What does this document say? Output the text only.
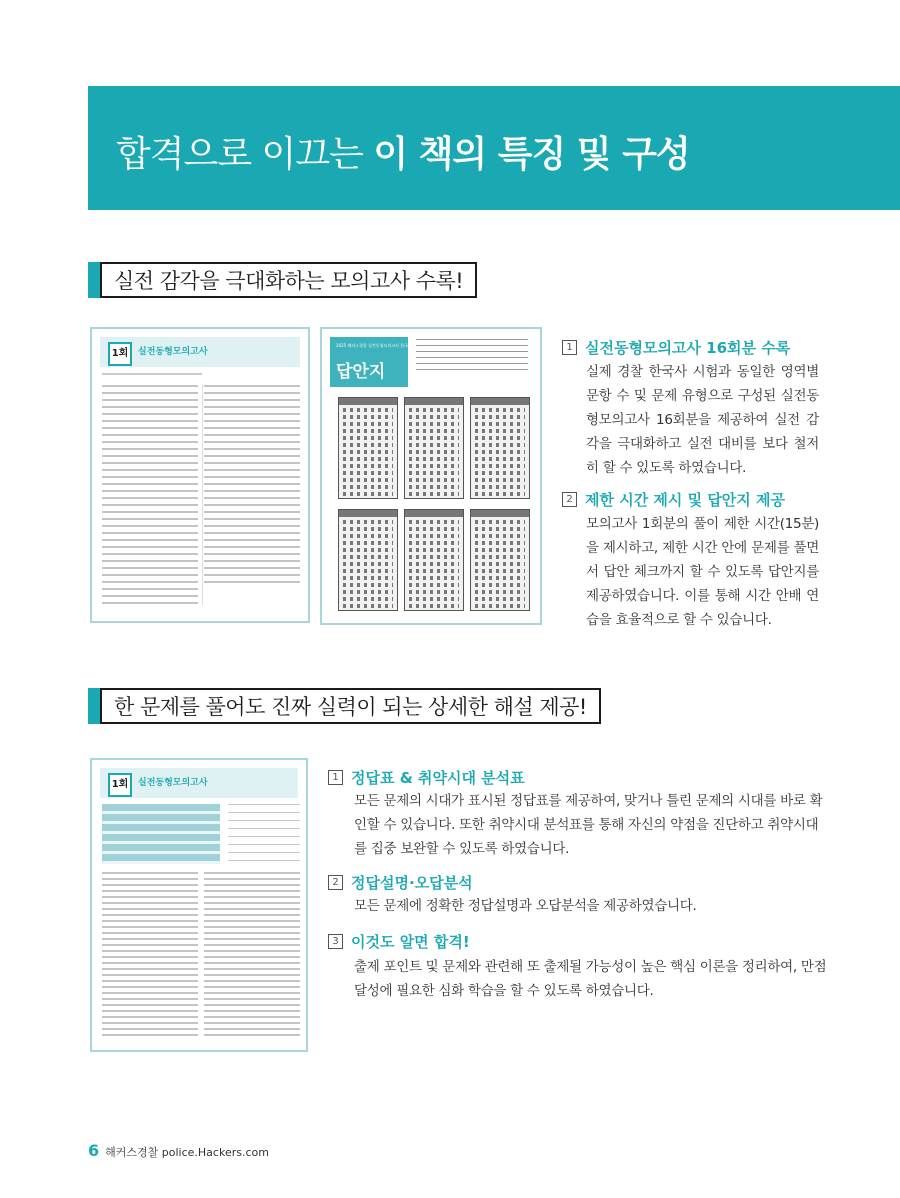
합격으로 이끄는 이 책의 특징 및 구성
실전 감각을 극대화하는 모의고사 수록!
1회	실전동형모의고사
2025 해커스경찰 실전동형모의고사 한국사 1
답안지
1 실전동형모의고사 16회분 수록
실제 경찰 한국사 시험과 동일한 영역별 문항 수 및 문제 유형으로 구성된 실전동형모의고사 16회분을 제공하여 실전 감각을 극대화하고 실전 대비를 보다 철저히 할 수 있도록 하였습니다.
2 제한 시간 제시 및 답안지 제공
모의고사 1회분의 풀이 제한 시간(15분)을 제시하고, 제한 시간 안에 문제를 풀면서 답안 체크까지 할 수 있도록 답안지를 제공하였습니다. 이를 통해 시간 안배 연습을 효율적으로 할 수 있습니다.
한 문제를 풀어도 진짜 실력이 되는 상세한 해설 제공!
1회	실전동형모의고사	1 정답표 & 취약시대 분석표
모든 문제의 시대가 표시된 정답표를 제공하여, 맞거나 틀린 문제의 시대를 바로 확인할 수 있습니다. 또한 취약시대 분석표를 통해 자신의 약점을 진단하고 취약시대를 집중 보완할 수 있도록 하였습니다.
2 정답설명·오답분석
모든 문제에 정확한 정답설명과 오답분석을 제공하였습니다.
3 이것도 알면 합격!
출제 포인트 및 문제와 관련해 또 출제될 가능성이 높은 핵심 이론을 정리하여, 만점 달성에 필요한 심화 학습을 할 수 있도록 하였습니다.
6 해커스경찰 police.Hackers.com
